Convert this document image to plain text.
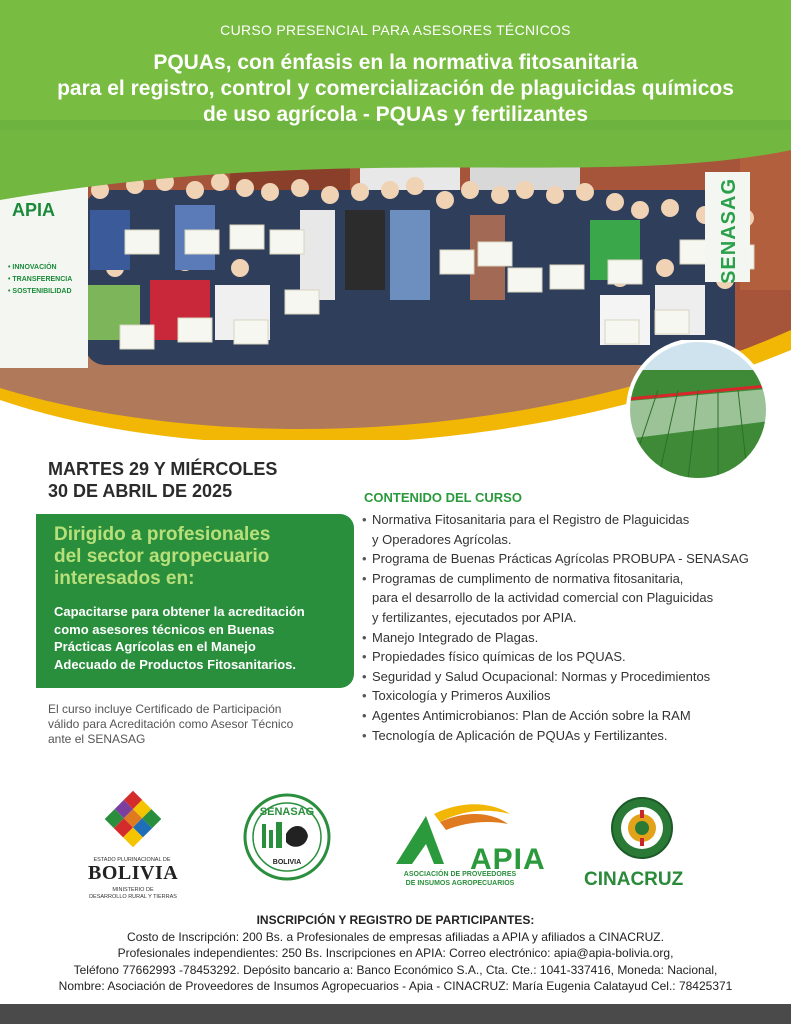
CURSO PRESENCIAL PARA ASESORES TÉCNICOS
PQUAs, con énfasis en la normativa fitosanitaria
para el registro, control y comercialización de plaguicidas químicos
de uso agrícola - PQUAs y fertilizantes
APIA
• INNOVACIÓN
• TRANSFERENCIA
• SOSTENIBILIDAD
SENASAG
MARTES 29 Y MIÉRCOLES
30 DE ABRIL DE 2025
Dirigido a profesionales
del sector agropecuario
interesados en:
Capacitarse para obtener la acreditación
como asesores técnicos en Buenas
Prácticas Agrícolas en el Manejo
Adecuado de Productos Fitosanitarios.
El curso incluye Certificado de Participación
válido para Acreditación como Asesor Técnico
ante el SENASAG
CONTENIDO DEL CURSO
• Normativa Fitosanitaria para el Registro de Plaguicidas
y Operadores Agrícolas.
• Programa de Buenas Prácticas Agrícolas PROBUPA - SENASAG
• Programas de cumplimento de normativa fitosanitaria,
para el desarrollo de la actividad comercial con Plaguicidas
y fertilizantes, ejecutados por APIA.
• Manejo Integrado de Plagas.
• Propiedades físico químicas de los PQUAS.
• Seguridad y Salud Ocupacional: Normas y Procedimientos
• Toxicología y Primeros Auxilios
• Agentes Antimicrobianos: Plan de Acción sobre la RAM
• Tecnología de Aplicación de PQUAs y Fertilizantes.
ESTADO PLURINACIONAL DE
BOLIVIA
MINISTERIO DE
DESARROLLO RURAL Y TIERRAS
SENASAG
BOLIVIA	APIA
ASOCIACIÓN DE PROVEEDORES
DE INSUMOS AGROPECUARIOS	CINACRUZ
INSCRIPCIÓN Y REGISTRO DE PARTICIPANTES:
Costo de Inscripción: 200 Bs. a Profesionales de empresas afiliadas a APIA y afiliados a CINACRUZ.
Profesionales independientes: 250 Bs. Inscripciones en APIA: Correo electrónico: apia@apia-bolivia.org,
Teléfono 77662993 -78453292. Depósito bancario a: Banco Económico S.A., Cta. Cte.: 1041-337416, Moneda: Nacional,
Nombre: Asociación de Proveedores de Insumos Agropecuarios - Apia - CINACRUZ: María Eugenia Calatayud Cel.: 78425371
